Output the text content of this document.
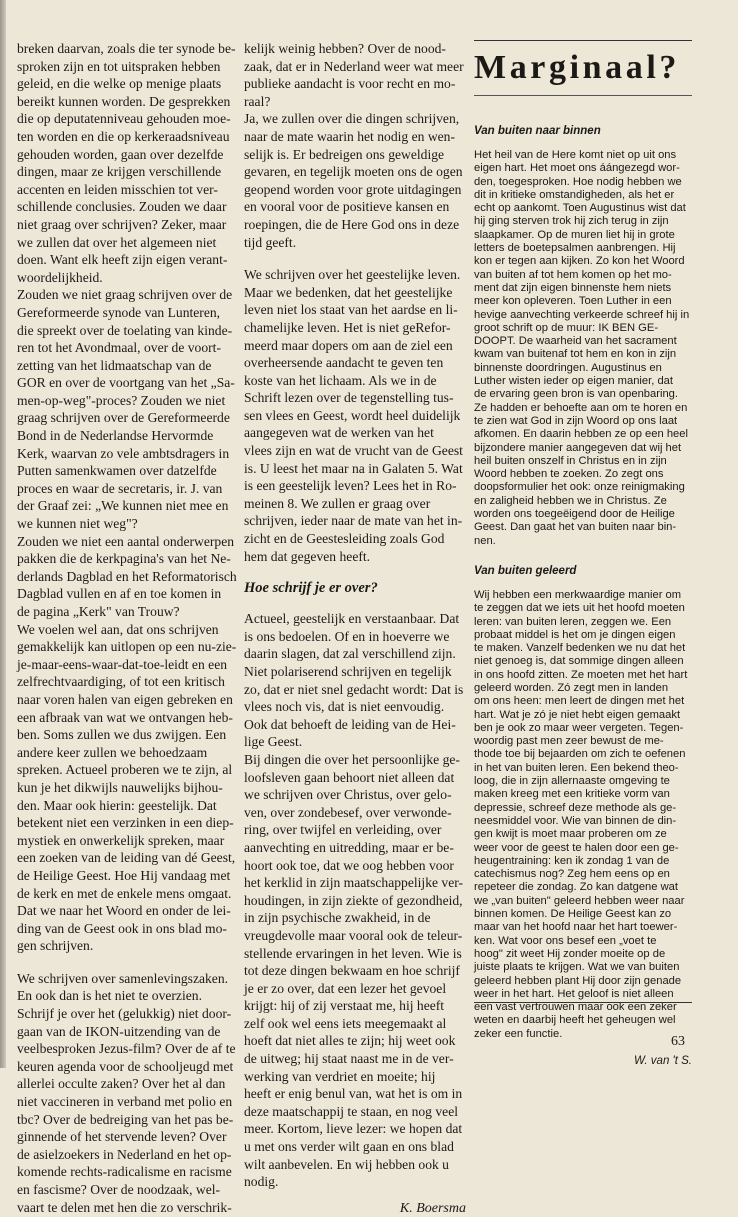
breken daarvan, zoals die ter synode be-
sproken zijn en tot uitspraken hebben
geleid, en die welke op menige plaats
bereikt kunnen worden. De gesprekken
die op deputatenniveau gehouden moe-
ten worden en die op kerkeraadsniveau
gehouden worden, gaan over dezelfde
dingen, maar ze krijgen verschillende
accenten en leiden misschien tot ver-
schillende conclusies. Zouden we daar
niet graag over schrijven? Zeker, maar
we zullen dat over het algemeen niet
doen. Want elk heeft zijn eigen verant-
woordelijkheid.

Zouden we niet graag schrijven over de
Gereformeerde synode van Lunteren,
die spreekt over de toelating van kinde-
ren tot het Avondmaal, over de voort-
zetting van het lidmaatschap van de
GOR en over de voortgang van het „Sa-
men-op-weg"-proces? Zouden we niet
graag schrijven over de Gereformeerde
Bond in de Nederlandse Hervormde
Kerk, waarvan zo vele ambtsdragers in
Putten samenkwamen over datzelfde
proces en waar de secretaris, ir. J. van
der Graaf zei: „We kunnen niet mee en
we kunnen niet weg"?

Zouden we niet een aantal onderwerpen
pakken die de kerkpagina's van het Ne-
derlands Dagblad en het Reformatorisch
Dagblad vullen en af en toe komen in
de pagina „Kerk" van Trouw?

We voelen wel aan, dat ons schrijven
gemakkelijk kan uitlopen op een nu-zie-
je-maar-eens-waar-dat-toe-leidt en een
zelfrechtvaardiging, of tot een kritisch
naar voren halen van eigen gebreken en
een afbraak van wat we ontvangen heb-
ben. Soms zullen we dus zwijgen. Een
andere keer zullen we behoedzaam
spreken. Actueel proberen we te zijn, al
kun je het dikwijls nauwelijks bijhou-
den. Maar ook hierin: geestelijk. Dat
betekent niet een verzinken in een diep-
mystiek en onwerkelijk spreken, maar
een zoeken van de leiding van dé Geest,
de Heilige Geest. Hoe Hij vandaag met
de kerk en met de enkele mens omgaat.
Dat we naar het Woord en onder de lei-
ding van de Geest ook in ons blad mo-
gen schrijven.

We schrijven over samenlevingszaken.
En ook dan is het niet te overzien.
Schrijf je over het (gelukkig) niet door-
gaan van de IKON-uitzending van de
veelbesproken Jezus-film? Over de af te
keuren agenda voor de schooljeugd met
allerlei occulte zaken? Over het al dan
niet vaccineren in verband met polio en
tbc? Over de bedreiging van het pas be-
ginnende of het stervende leven? Over
de asielzoekers in Nederland en het op-
komende rechts-radicalisme en racisme
en fascisme? Over de noodzaak, wel-
vaart te delen met hen die zo verschrik-

kelijk weinig hebben? Over de nood-
zaak, dat er in Nederland weer wat meer
publieke aandacht is voor recht en mo-
raal?

Ja, we zullen over die dingen schrijven,
naar de mate waarin het nodig en wen-
selijk is. Er bedreigen ons geweldige
gevaren, en tegelijk moeten ons de ogen
geopend worden voor grote uitdagingen
en vooral voor de positieve kansen en
roepingen, die de Here God ons in deze
tijd geeft.

We schrijven over het geestelijke leven.
Maar we bedenken, dat het geestelijke
leven niet los staat van het aardse en li-
chamelijke leven. Het is niet geRefor-
meerd maar dopers om aan de ziel een
overheersende aandacht te geven ten
koste van het lichaam. Als we in de
Schrift lezen over de tegenstelling tus-
sen vlees en Geest, wordt heel duidelijk
aangegeven wat de werken van het
vlees zijn en wat de vrucht van de Geest
is. U leest het maar na in Galaten 5. Wat
is een geestelijk leven? Lees het in Ro-
meinen 8. We zullen er graag over
schrijven, ieder naar de mate van het in-
zicht en de Geestesleiding zoals God
hem dat gegeven heeft.

Hoe schrijf je er over?

Actueel, geestelijk en verstaanbaar. Dat
is ons bedoelen. Of en in hoeverre we
daarin slagen, dat zal verschillend zijn.
Niet polariserend schrijven en tegelijk
zo, dat er niet snel gedacht wordt: Dat is
vlees noch vis, dat is niet eenvoudig.
Ook dat behoeft de leiding van de Hei-
lige Geest.

Bij dingen die over het persoonlijke ge-
loofsleven gaan behoort niet alleen dat
we schrijven over Christus, over gelo-
ven, over zondebesef, over verwonde-
ring, over twijfel en verleiding, over
aanvechting en uitredding, maar er be-
hoort ook toe, dat we oog hebben voor
het kerklid in zijn maatschappelijke ver-
houdingen, in zijn ziekte of gezondheid,
in zijn psychische zwakheid, in de
vreugdevolle maar vooral ook de teleur-
stellende ervaringen in het leven. Wie is
tot deze dingen bekwaam en hoe schrijf
je er zo over, dat een lezer het gevoel
krijgt: hij of zij verstaat me, hij heeft
zelf ook wel eens iets meegemaakt al
hoeft dat niet alles te zijn; hij weet ook
de uitweg; hij staat naast me in de ver-
werking van verdriet en moeite; hij
heeft er enig benul van, wat het is om in
deze maatschappij te staan, en nog veel
meer. Kortom, lieve lezer: we hopen dat
u met ons verder wilt gaan en ons blad
wilt aanbevelen. En wij hebben ook u
nodig.

K. Boersma
Marginaal?
Van buiten naar binnen

Het heil van de Here komt niet op uit ons
eigen hart. Het moet ons áángezegd wor-
den, toegesproken. Hoe nodig hebben we
dit in kritieke omstandigheden, als het er
echt op aankomt. Toen Augustinus wist dat
hij ging sterven trok hij zich terug in zijn
slaapkamer. Op de muren liet hij in grote
letters de boetepsalmen aanbrengen. Hij
kon er tegen aan kijken. Zo kon het Woord
van buiten af tot hem komen op het mo-
ment dat zijn eigen binnenste hem niets
meer kon opleveren. Toen Luther in een
hevige aanvechting verkeerde schreef hij in
groot schrift op de muur: IK BEN GE-
DOOPT. De waarheid van het sacrament
kwam van buitenaf tot hem en kon in zijn
binnenste doordringen. Augustinus en
Luther wisten ieder op eigen manier, dat
de ervaring geen bron is van openbaring.
Ze hadden er behoefte aan om te horen en
te zien wat God in zijn Woord op ons laat
afkomen. En daarin hebben ze op een heel
bijzondere manier aangegeven dat wij het
heil buiten onszelf in Christus en in zijn
Woord hebben te zoeken. Zo zegt ons
doopsformulier het ook: onze reinigmaking
en zaligheid hebben we in Christus. Ze
worden ons toegeëigend door de Heilige
Geest. Dan gaat het van buiten naar bin-
nen.

Van buiten geleerd

Wij hebben een merkwaardige manier om
te zeggen dat we iets uit het hoofd moeten
leren: van buiten leren, zeggen we. Een
probaat middel is het om je dingen eigen
te maken. Vanzelf bedenken we nu dat het
niet genoeg is, dat sommige dingen alleen
in ons hoofd zitten. Ze moeten met het hart
geleerd worden. Zó zegt men in landen
om ons heen: men leert de dingen met het
hart. Wat je zó je niet hebt eigen gemaakt
ben je ook zo maar weer vergeten. Tegen-
woordig past men zeer bewust de me-
thode toe bij bejaarden om zich te oefenen
in het van buiten leren. Een bekend theo-
loog, die in zijn allernaaste omgeving te
maken kreeg met een kritieke vorm van
depressie, schreef deze methode als ge-
neesmiddel voor. Wie van binnen de din-
gen kwijt is moet maar proberen om ze
weer voor de geest te halen door een ge-
heugentraining: ken ik zondag 1 van de
catechismus nog? Zeg hem eens op en
repeteer die zondag. Zo kan datgene wat
we „van buiten" geleerd hebben weer naar
binnen komen. De Heilige Geest kan zo
maar van het hoofd naar het hart toewer-
ken. Wat voor ons besef een „voet te
hoog" zit weet Hij zonder moeite op de
juiste plaats te krijgen. Wat we van buiten
geleerd hebben plant Hij door zijn genade
weer in het hart. Het geloof is niet alleen
een vast vertrouwen maar ook een zeker
weten en daarbij heeft het geheugen wel
zeker een functie.

W. van 't S.
63
